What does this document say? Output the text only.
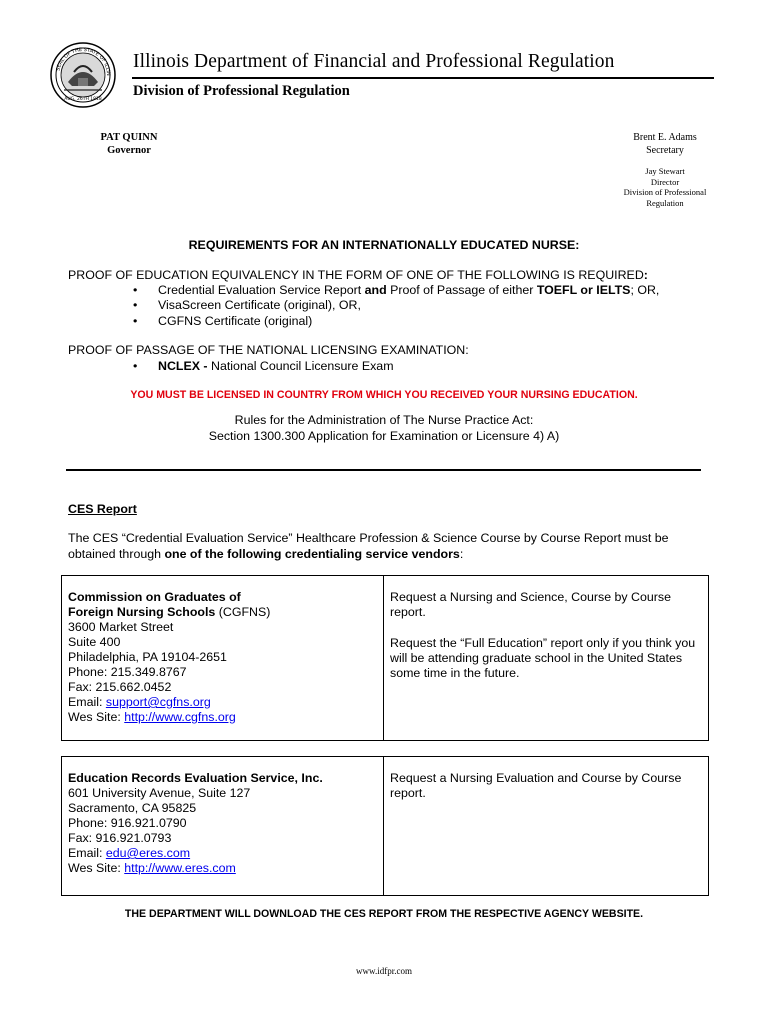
SEAL OF THE STATE OF ILLIN
AUG. 26TH 1818
Illinois Department of Financial and Professional Regulation
Division of Professional Regulation
PAT QUINN
Governor
Brent E. Adams
Secretary
Jay Stewart
Director
Division of Professional
Regulation
REQUIREMENTS FOR AN INTERNATIONALLY EDUCATED NURSE:
PROOF OF EDUCATION EQUIVALENCY IN THE FORM OF ONE OF THE FOLLOWING IS REQUIRED:
• Credential Evaluation Service Report and Proof of Passage of either TOEFL or IELTS; OR,
• VisaScreen Certificate (original), OR,
• CGFNS Certificate (original)
PROOF OF PASSAGE OF THE NATIONAL LICENSING EXAMINATION:
• NCLEX - National Council Licensure Exam
YOU MUST BE LICENSED IN COUNTRY FROM WHICH YOU RECEIVED YOUR NURSING EDUCATION.
Rules for the Administration of The Nurse Practice Act:
Section 1300.300 Application for Examination or Licensure 4) A)
CES Report
The CES “Credential Evaluation Service” Healthcare Profession & Science Course by Course Report must be obtained through one of the following credentialing service vendors:
Commission on Graduates of
Foreign Nursing Schools (CGFNS)
3600 Market Street
Suite 400
Philadelphia, PA 19104-2651
Phone: 215.349.8767
Fax: 215.662.0452
Email: support@cgfns.org
Wes Site: http://www.cgfns.org
Request a Nursing and Science, Course by Course
report.
Request the “Full Education” report only if you think you
will be attending graduate school in the United States
some time in the future.
Education Records Evaluation Service, Inc.
601 University Avenue, Suite 127
Sacramento, CA 95825
Phone: 916.921.0790
Fax: 916.921.0793
Email: edu@eres.com
Wes Site: http://www.eres.com
Request a Nursing Evaluation and Course by Course
report.
THE DEPARTMENT WILL DOWNLOAD THE CES REPORT FROM THE RESPECTIVE AGENCY WEBSITE.
www.idfpr.com
